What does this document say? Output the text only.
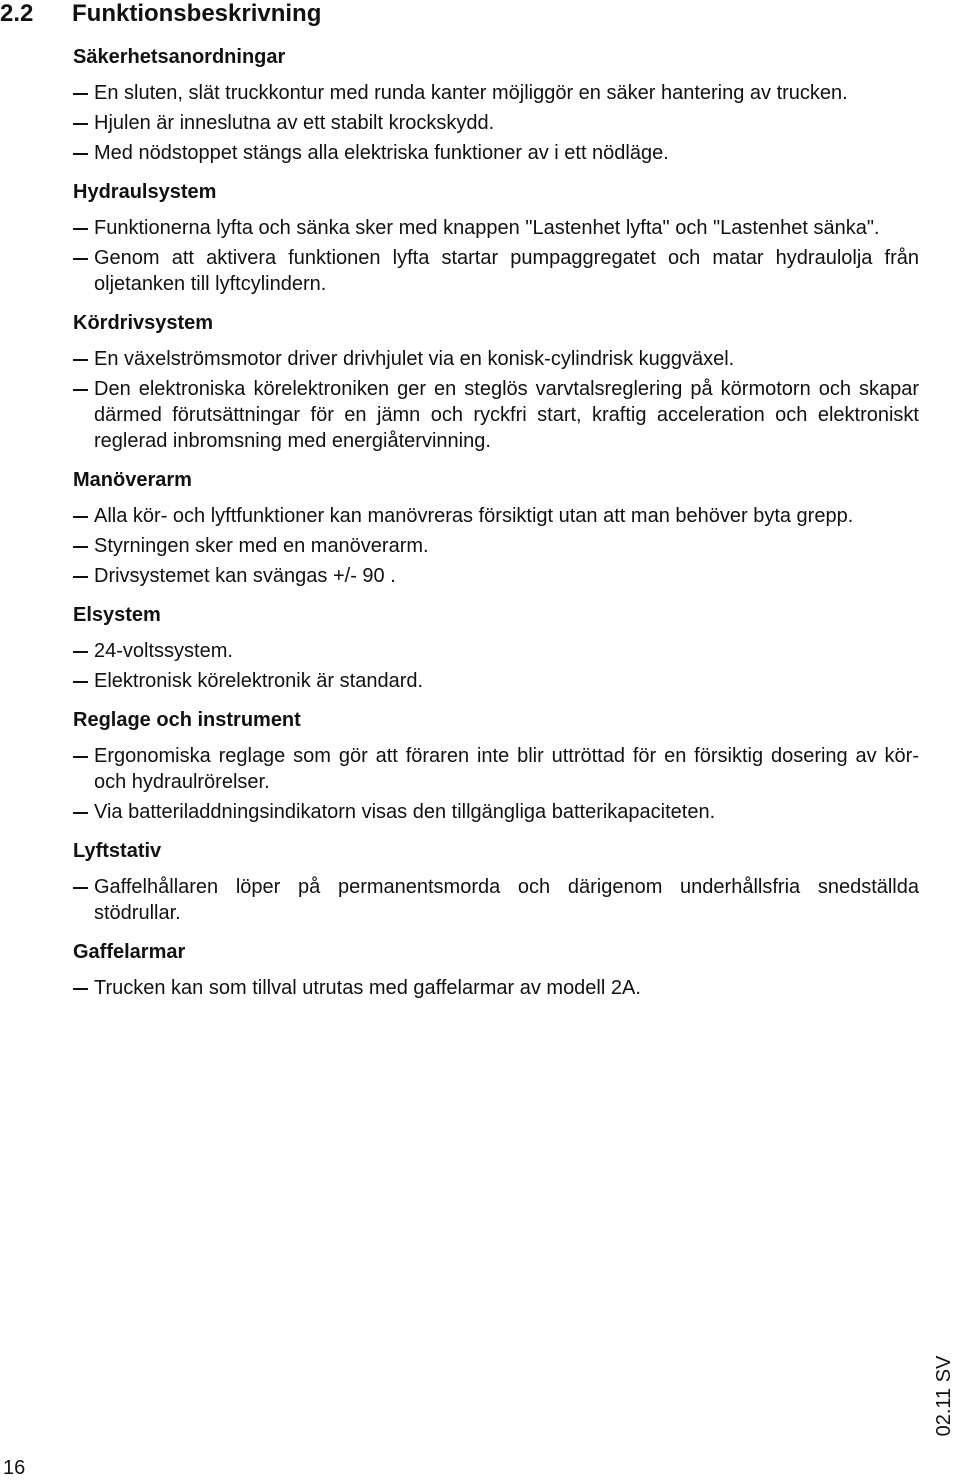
2.2 Funktionsbeskrivning
Säkerhetsanordningar
En sluten, slät truckkontur med runda kanter möjliggör en säker hantering av trucken.
Hjulen är inneslutna av ett stabilt krockskydd.
Med nödstoppet stängs alla elektriska funktioner av i ett nödläge.
Hydraulsystem
Funktionerna lyfta och sänka sker med knappen "Lastenhet lyfta" och "Lastenhet sänka".
Genom att aktivera funktionen lyfta startar pumpaggregatet och matar hydraulolja från oljetanken till lyftcylindern.
Kördrivsystem
En växelströmsmotor driver drivhjulet via en konisk-cylindrisk kuggväxel.
Den elektroniska körelektroniken ger en steglös varvtalsreglering på körmotorn och skapar därmed förutsättningar för en jämn och ryckfri start, kraftig acceleration och elektroniskt reglerad inbromsning med energiåtervinning.
Manöverarm
Alla kör- och lyftfunktioner kan manövreras försiktigt utan att man behöver byta grepp.
Styrningen sker med en manöverarm.
Drivsystemet kan svängas +/- 90 .
Elsystem
24-voltssystem.
Elektronisk körelektronik är standard.
Reglage och instrument
Ergonomiska reglage som gör att föraren inte blir uttröttad för en försiktig dosering av kör- och hydraulrörelser.
Via batteriladdningsindikatorn visas den tillgängliga batterikapaciteten.
Lyftstativ
Gaffelhållaren löper på permanentsmorda och därigenom underhållsfria snedställda stödrullar.
Gaffelarmar
Trucken kan som tillval utrutas med gaffelarmar av modell 2A.
16
02.11 SV
